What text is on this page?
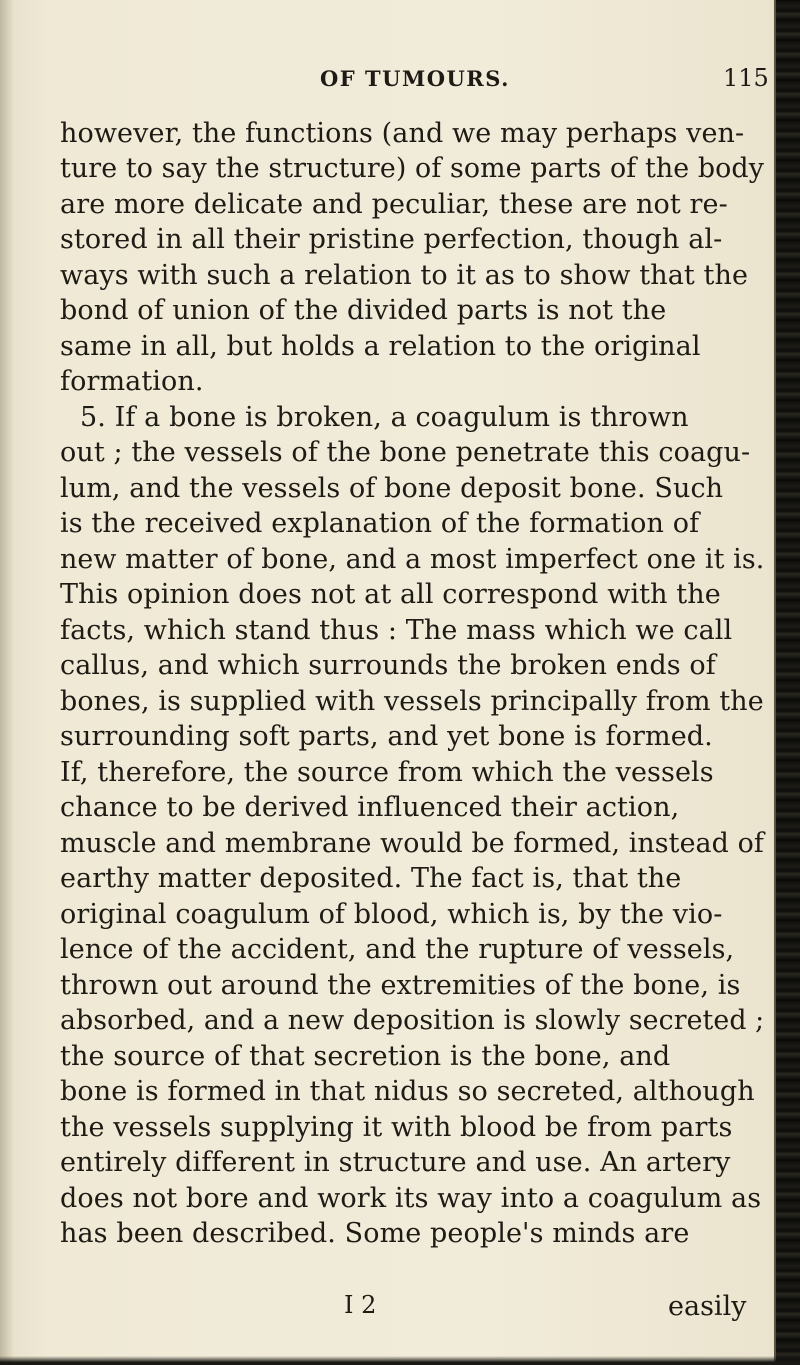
OF TUMOURS.	115
however, the functions (and we may perhaps ven-
ture to say the structure) of some parts of the body
are more delicate and peculiar, these are not re-
stored in all their pristine perfection, though al-
ways with such a relation to it as to show that the
bond of union of the divided parts is not the
same in all, but holds a relation to the original
formation.
5. If a bone is broken, a coagulum is thrown
out ; the vessels of the bone penetrate this coagu-
lum, and the vessels of bone deposit bone. Such
is the received explanation of the formation of
new matter of bone, and a most imperfect one it is.
This opinion does not at all correspond with the
facts, which stand thus : The mass which we call
callus, and which surrounds the broken ends of
bones, is supplied with vessels principally from the
surrounding soft parts, and yet bone is formed.
If, therefore, the source from which the vessels
chance to be derived influenced their action,
muscle and membrane would be formed, instead of
earthy matter deposited. The fact is, that the
original coagulum of blood, which is, by the vio-
lence of the accident, and the rupture of vessels,
thrown out around the extremities of the bone, is
absorbed, and a new deposition is slowly secreted ;
the source of that secretion is the bone, and
bone is formed in that nidus so secreted, although
the vessels supplying it with blood be from parts
entirely different in structure and use. An artery
does not bore and work its way into a coagulum as
has been described. Some people's minds are
I 2	easily
